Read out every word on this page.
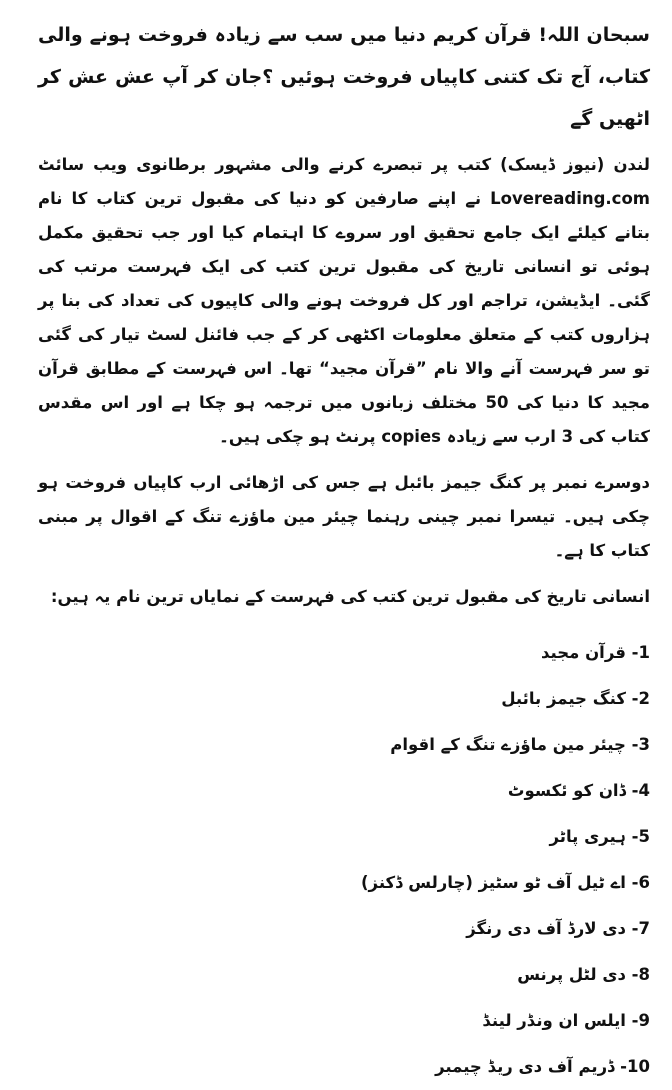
سبحان اللہ! قرآن کریم دنیا میں سب سے زیادہ فروخت ہونے والی کتاب، آج تک کتنی کاپیاں فروخت ہوئیں ؟جان کر آپ عش عش کر اٹھیں گے

لندن (نیوز ڈیسک) کتب پر تبصرے کرنے والی مشہور برطانوی ویب سائٹ Lovereading.com نے اپنے صارفین کو دنیا کی مقبول ترین کتاب کا نام بتانے کیلئے ایک جامع تحقیق اور سروے کا اہتمام کیا اور جب تحقیق مکمل ہوئی تو انسانی تاریخ کی مقبول ترین کتب کی ایک فہرست مرتب کی گئی۔ ایڈیشن، تراجم اور کل فروخت ہونے والی کاپیوں کی تعداد کی بنا پر ہزاروں کتب کے متعلق معلومات اکٹھی کر کے جب فائنل لسٹ تیار کی گئی تو سر فہرست آنے والا نام ”قرآن مجید“ تھا۔ اس فہرست کے مطابق قرآن مجید کا دنیا کی 50 مختلف زبانوں میں ترجمہ ہو چکا ہے اور اس مقدس کتاب کی 3 ارب سے زیادہ copies پرنٹ ہو چکی ہیں۔

دوسرے نمبر پر کنگ جیمز بائبل ہے جس کی اڑھائی ارب کاپیاں فروخت ہو چکی ہیں۔ تیسرا نمبر چینی رہنما چیئر مین ماؤزے تنگ کے اقوال پر مبنی کتاب کا ہے۔

انسانی تاریخ کی مقبول ترین کتب کی فہرست کے نمایاں ترین نام یہ ہیں:

1- قرآن مجید
2- کنگ جیمز بائبل
3- چیئر مین ماؤزے تنگ کے اقوام
4- ڈان کو ئکسوٹ
5- ہیری پاٹر
6- اے ٹیل آف ٹو سٹیز (چارلس ڈکنز)
7- دی لارڈ آف دی رنگز
8- دی لٹل پرنس
9- ایلس ان ونڈر لینڈ
10- ڈریم آف دی ریڈ چیمبر
